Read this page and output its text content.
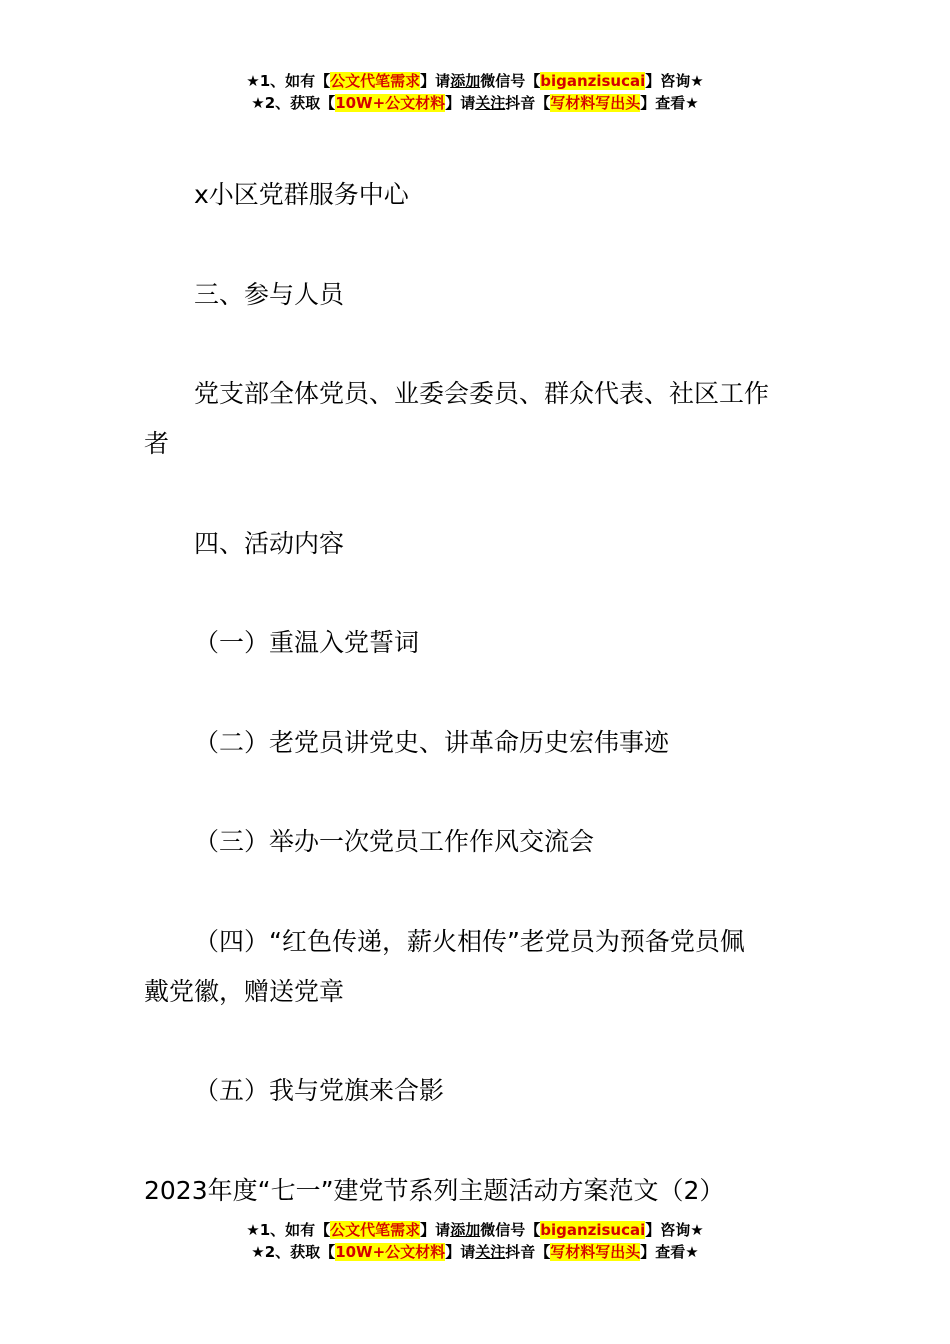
★1、如有【公文代笔需求】请添加微信号【biganzisucai】咨询★
★2、获取【10W+公文材料】请关注抖音【写材料写出头】查看★
x小区党群服务中心
三、参与人员
党支部全体党员、业委会委员、群众代表、社区工作
者
四、活动内容
（一）重温入党誓词
（二）老党员讲党史、讲革命历史宏伟事迹
（三）举办一次党员工作作风交流会
（四）“红色传递，薪火相传”老党员为预备党员佩
戴党徽，赠送党章
（五）我与党旗来合影
2023年度“七一”建党节系列主题活动方案范文（2）
★1、如有【公文代笔需求】请添加微信号【biganzisucai】咨询★
★2、获取【10W+公文材料】请关注抖音【写材料写出头】查看★
